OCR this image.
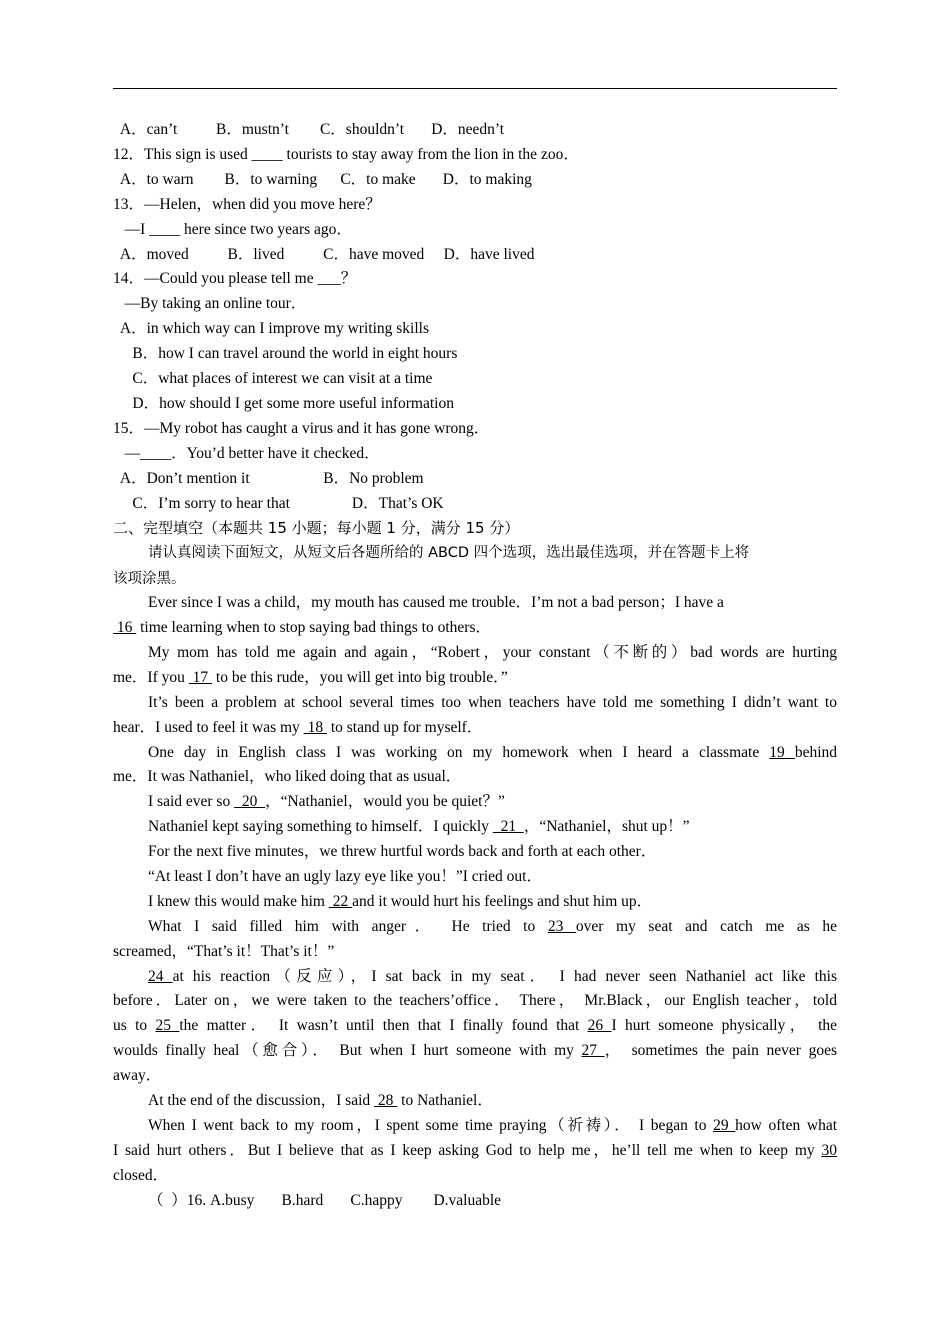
A．can’t          B．mustn’t        C．shouldn’t       D．needn’t
12．This sign is used ____ tourists to stay away from the lion in the zoo．
A．to warn        B．to warning      C．to make       D．to making
13．—Helen，when did you move here？
—I ____ here since two years ago．
A．moved          B．lived          C．have moved     D．have lived
14．—Could you please tell me ___？
—By taking an online tour．
A．in which way can I improve my writing skills
B．how I can travel around the world in eight hours
C．what places of interest we can visit at a time
D．how should I get some more useful information
15．—My robot has caught a virus and it has gone wrong．
—____．You’d better have it checked．
A．Don’t mention it                   B．No problem
C．I’m sorry to hear that                D．That’s OK
二、完型填空（本题共 15 小题；每小题 1 分，满分 15 分）
请认真阅读下面短文，从短文后各题所给的 ABCD 四个选项，选出最佳选项，并在答题卡上将
该项涂黑。
Ever since I was a child，my mouth has caused me trouble．I’m not a bad person；I have a
16  time learning when to stop saying bad things to others．
My mom has told me again and again，“Robert，your constant（不断的）bad words are hurting
me．If you  17  to be this rude，you will get into big trouble．”
It’s been a problem at school several times too when teachers have told me something I didn’t want to
hear．I used to feel it was my  18  to stand up for myself．
One day in English class I was working on my homework when I heard a classmate 19 behind
me．It was Nathaniel，who liked doing that as usual．
I said ever so   20  ，“Nathaniel，would you be quiet？”
Nathaniel kept saying something to himself．I quickly   21  ，“Nathaniel，shut up！”
For the next five minutes，we threw hurtful words back and forth at each other．
“At least I don’t have an ugly lazy eye like you！”I cried out．
I knew this would make him  22 and it would hurt his feelings and shut him up．
What I said filled him with anger． He tried to 23 over my seat and catch me as he
screamed，“That’s it！That’s it！”
24 at his reaction（反应），I sat back in my seat． I had never seen Nathaniel act like this
before．Later on，we were taken to the teachers’office． There， Mr.Black，our English teacher，told
us to 25 the matter． It wasn’t until then that I finally found that 26 I hurt someone physically， the
woulds finally heal（愈合）． But when I hurt someone with my 27 ， sometimes the pain never goes
away．
At the end of the discussion，I said  28  to Nathaniel．
When I went back to my room，I spent some time praying（祈祷）． I began to 29 how often what
I said hurt others．But I believe that as I keep asking God to help me，he’ll tell me when to keep my 30
closed．
（  ）16. A.busy       B.hard       C.happy        D.valuable
